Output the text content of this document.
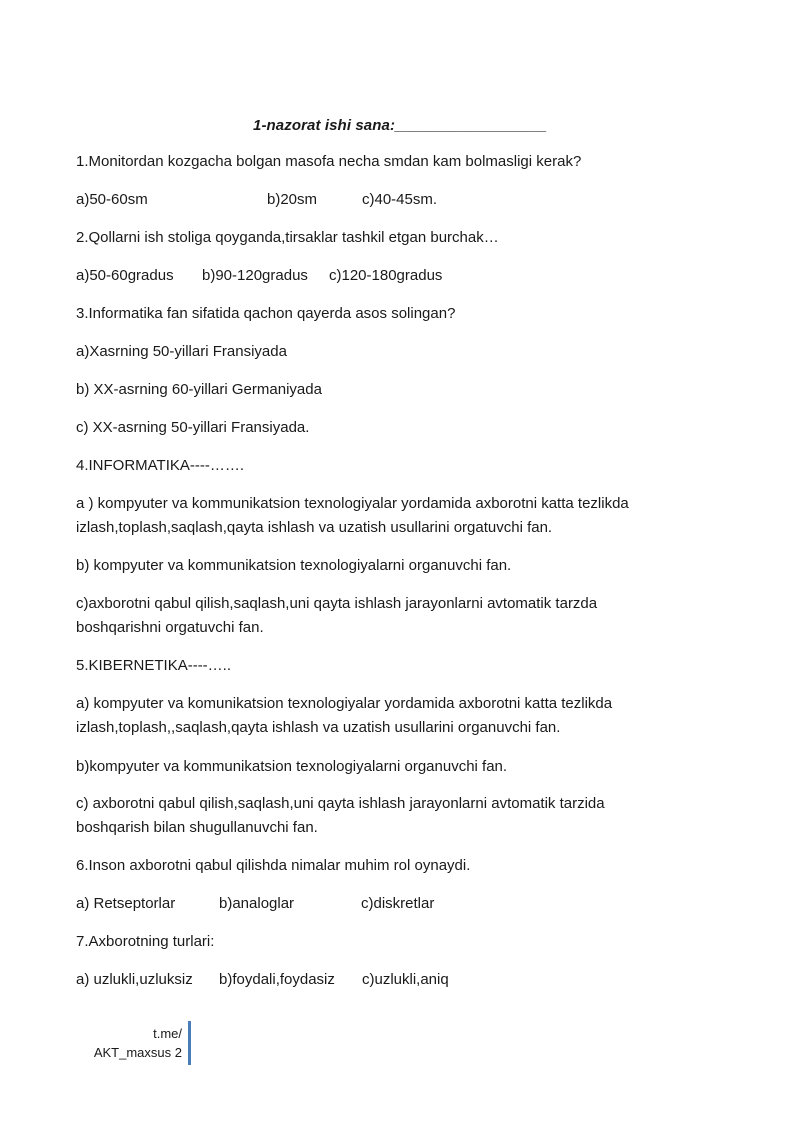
1-nazorat ishi sana:__________________
1.Monitordan kozgacha bolgan masofa necha smdan kam bolmasligi kerak?
a)50-60sm	b)20sm	c)40-45sm.
2.Qollarni ish stoliga qoyganda,tirsaklar tashkil etgan burchak…
a)50-60gradus b)90-120gradus c)120-180gradus
3.Informatika fan sifatida qachon qayerda asos solingan?
a)Xasrning 50-yillari Fransiyada
b) XX-asrning 60-yillari Germaniyada
c) XX-asrning 50-yillari Fransiyada.
4.INFORMATIKA----…….
a ) kompyuter va kommunikatsion texnologiyalar yordamida axborotni katta tezlikda
izlash,toplash,saqlash,qayta ishlash va uzatish usullarini orgatuvchi fan.
b) kompyuter va kommunikatsion texnologiyalarni organuvchi fan.
c)axborotni qabul qilish,saqlash,uni qayta ishlash jarayonlarni avtomatik tarzda
boshqarishni orgatuvchi fan.
5.KIBERNETIKA----…..
a) kompyuter va komunikatsion texnologiyalar yordamida axborotni katta tezlikda
izlash,toplash,,saqlash,qayta ishlash va uzatish usullarini organuvchi fan.
b)kompyuter va kommunikatsion texnologiyalarni organuvchi fan.
c) axborotni qabul qilish,saqlash,uni qayta ishlash jarayonlarni avtomatik tarzida
boshqarish bilan shugullanuvchi fan.
6.Inson axborotni qabul qilishda nimalar muhim rol oynaydi.
a) Retseptorlar	b)analoglar	c)diskretlar
7.Axborotning turlari:
a) uzlukli,uzluksiz b)foydali,foydasiz c)uzlukli,aniq
t.me/
AKT_maxsus 2
